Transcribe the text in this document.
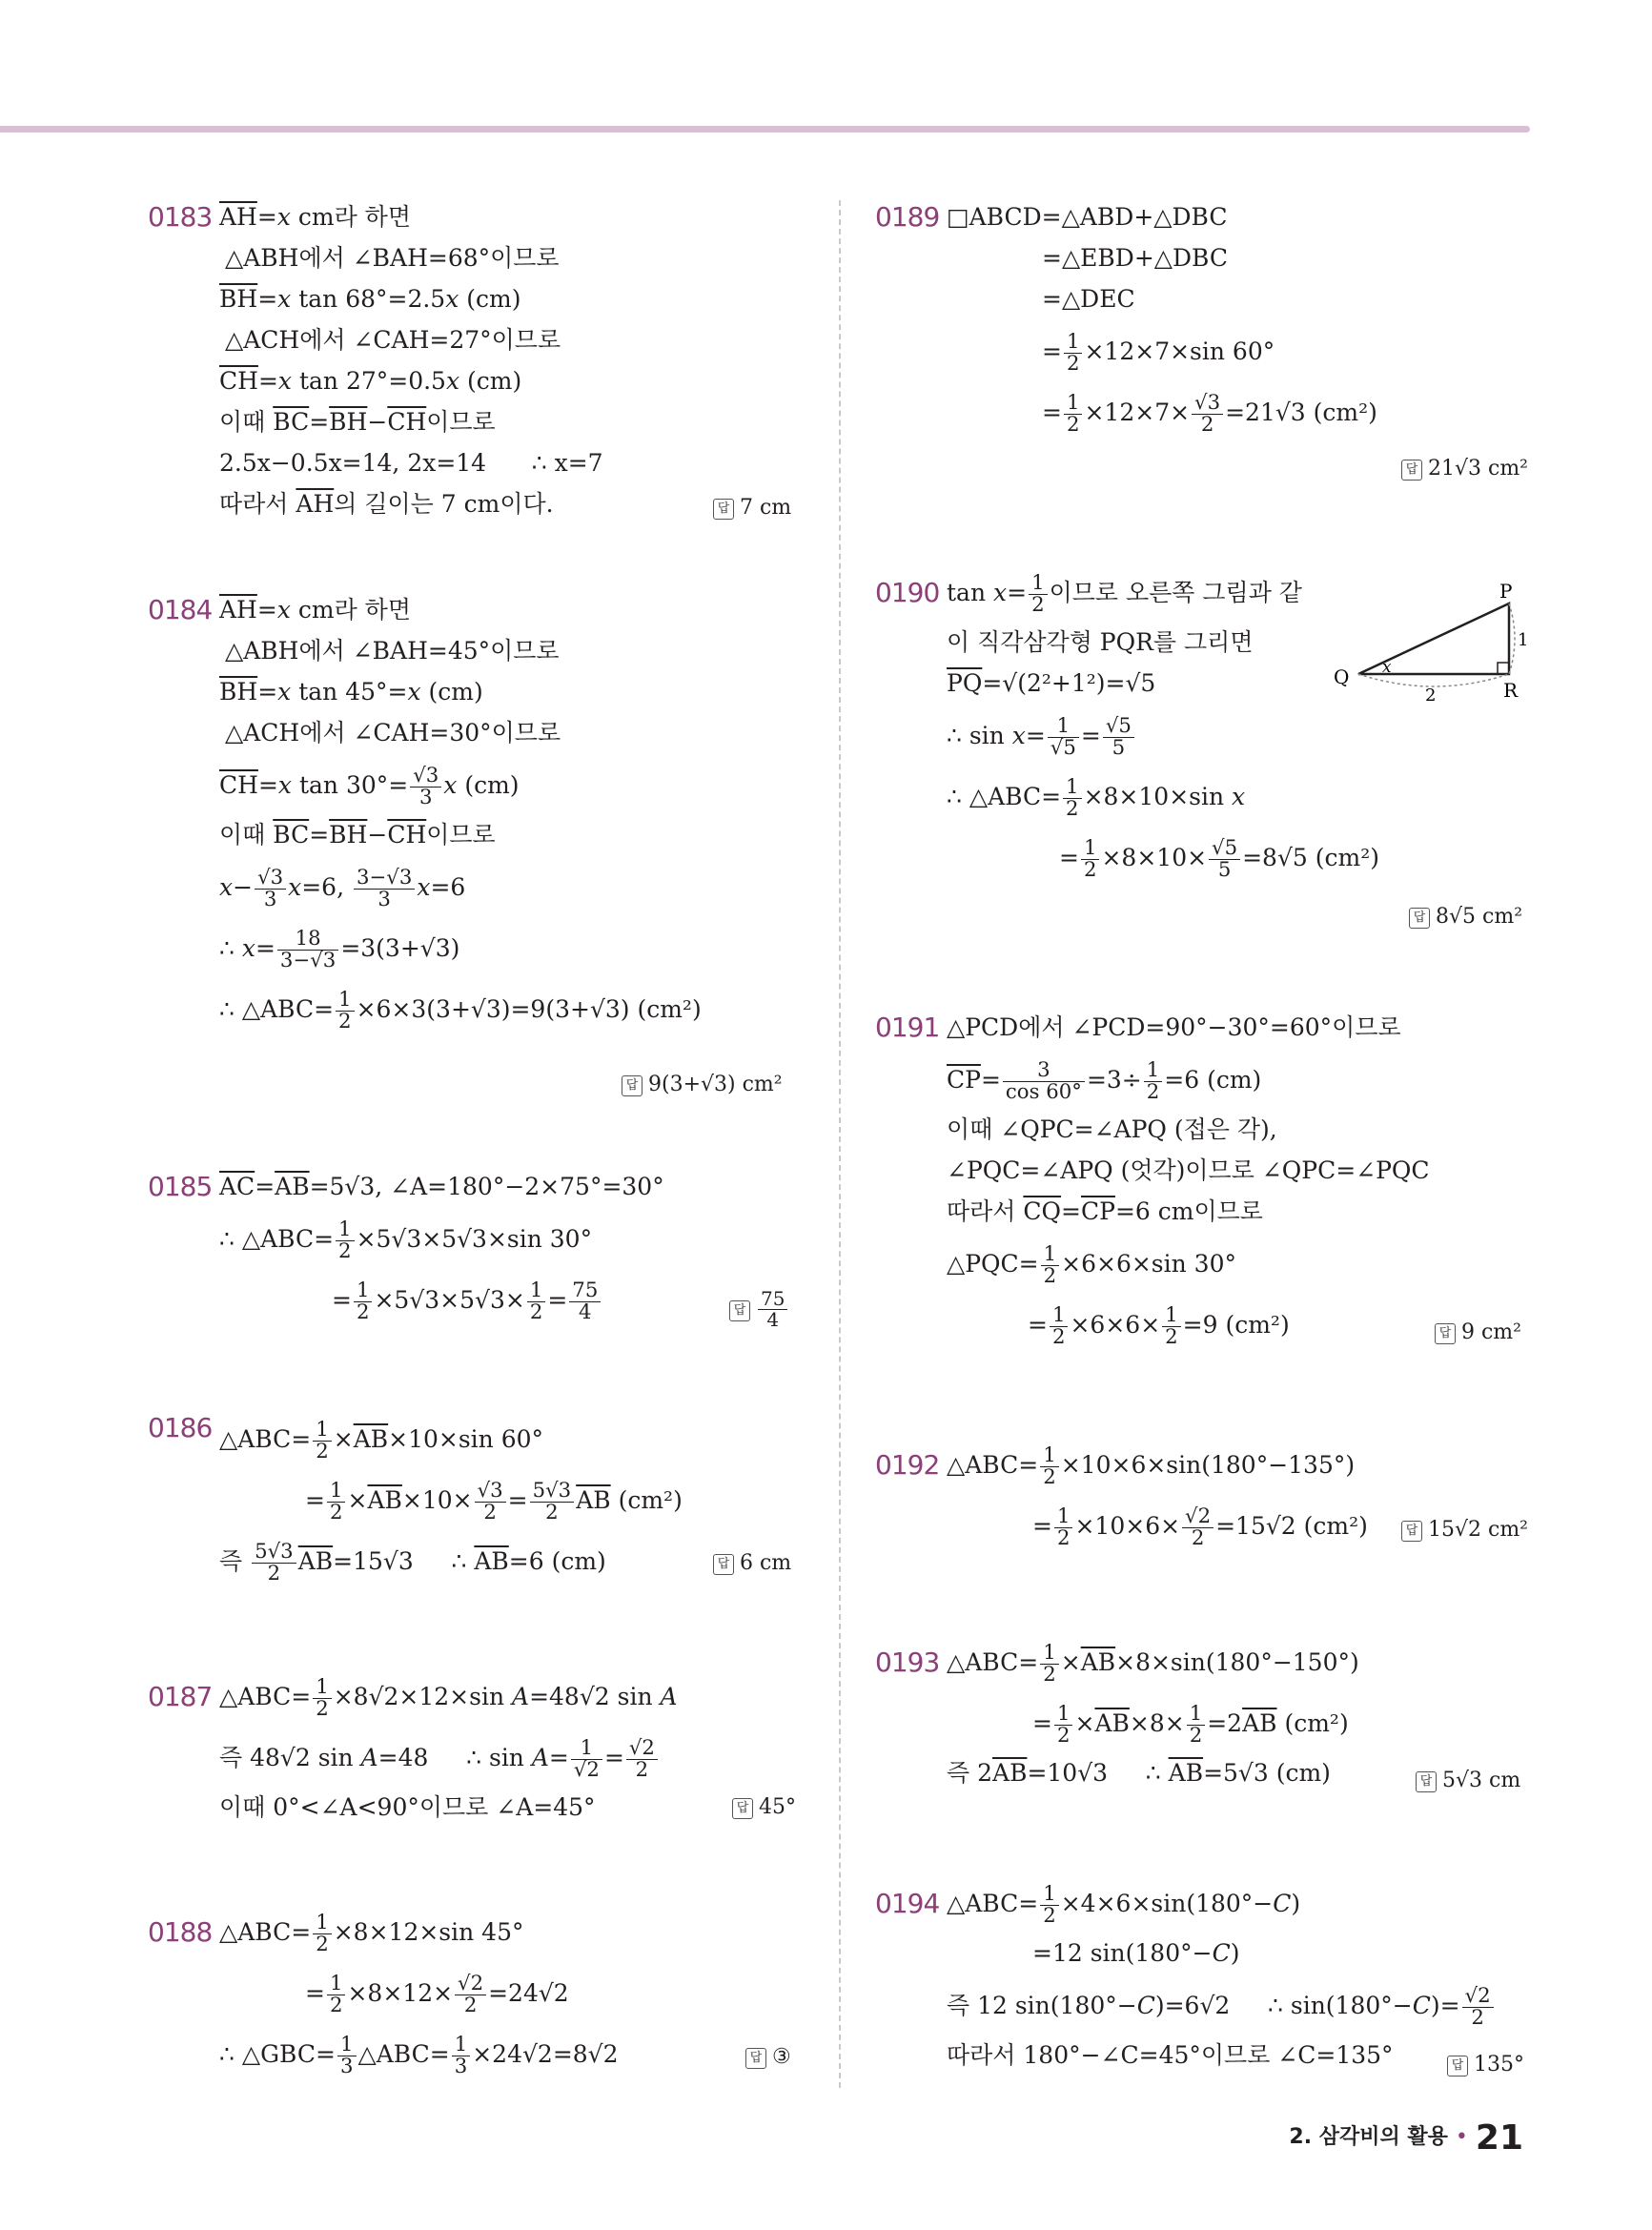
0183 $\overline{AH}=x$ cm라 하면
△ABH에서 ∠BAH=68°이므로
$\overline{BH}=x$ tan 68°=2.5x (cm)
△ACH에서 ∠CAH=27°이므로
$\overline{CH}=x$ tan 27°=0.5x (cm)
이때 $\overline{BC}=\overline{BH}-\overline{CH}$이므로
2.5x−0.5x=14, 2x=14      ∴ x=7
따라서 $\overline{AH}$의 길이는 7 cm이다.	답 7 cm
0184 $\overline{AH}=x$ cm라 하면
△ABH에서 ∠BAH=45°이므로
$\overline{BH}=x$ tan 45°=x (cm)
△ACH에서 ∠CAH=30°이므로
$\overline{CH}=x$ $\tan 30^\circ= \frac{√3}{3}$ x (cm)
이때 $\overline{BC}=\overline{BH}-\overline{CH}$이므로
$x- \frac{√3}{3} x=6$, $\frac{3-√3}{3} x=6$
∴ $x= \frac{18}{3-√3} =3(3+√3)$
∴ △ABC= $\frac{1}{2} \times 6\times 3(3+√3)=9(3+√3)$ (cm²)
답 9(3+√3) cm²
0185 $\overline{AC}=\overline{AB}=5√3$, ∠A=180°−2×75°=30°
∴ △ABC= $\frac{1}{2} \times 5√3\times 5√3\times\sin$ 30°
= $\frac{1}{2} \times 5√3\times 5√3\times \frac{1}{2} = \frac{75}{4}$	답 $\frac{75}{4}$
0186 △ABC= $\frac{1}{2} \times\overline{AB}\times 10\times\sin$ 60°
= $\frac{1}{2} \times\overline{AB}\times 10\times \frac{√3}{2} = \frac{5√3}{2} \overline{AB}$ (cm²)
즉 $\frac{5√3}{2} \overline{AB}=15√3$     ∴ $\overline{AB}=6$ (cm)	답 6 cm
0187 △ABC= $\frac{1}{2} \times 8√2\times 12\times\sin$ A=48√2 sin A
즉 48√2 sin A=48     ∴ $\sin A= \frac{1}{√2} = \frac{√2}{2}$
이때 0°<∠A<90°이므로 ∠A=45°	답 45°
0188 △ABC= $\frac{1}{2} \times 8\times 12\times\sin$ 45°
= $\frac{1}{2} \times 8\times 12\times \frac{√2}{2} =24√2$
∴ △GBC= $\frac{1}{3}$ △ABC= $\frac{1}{3} \times 24√2=8√2$	답 ③
0189 □ABCD=△ABD+△DBC
=△EBD+△DBC
=△DEC
= $\frac{1}{2} \times 12\times 7\times\sin$ 60°
= $\frac{1}{2} \times 12\times 7\times \frac{√3}{2} =21√3$ (cm²)
답 21√3 cm²
0190 $\tan x= \frac{1}{2}$ 이므로 오른쪽 그림과 같
이 직각삼각형 PQR를 그리면
$\overline{PQ}=√(2^2+1^2)=√5$
∴ $\sin x= \frac{1}{√5} = \frac{√5}{5}$
∴ △ABC= $\frac{1}{2} \times 8\times 10\times\sin$ x
= $\frac{1}{2} \times 8\times 10\times \frac{√5}{5} =8√5$ (cm²)
P
Q
R
x
1
2
답 8√5 cm²
0191 △PCD에서 ∠PCD=90°−30°=60°이므로
$\overline{CP}= \frac{3}{\cos 60^\circ} =3\div \frac{1}{2} =6$ (cm)
이때 ∠QPC=∠APQ (접은 각),
∠PQC=∠APQ (엇각)이므로 ∠QPC=∠PQC
따라서 $\overline{CQ}=\overline{CP}=6$ cm이므로
△PQC= $\frac{1}{2} \times 6\times 6\times\sin$ 30°
= $\frac{1}{2} \times 6\times 6\times \frac{1}{2} =9$ (cm²)	답 9 cm²
0192 △ABC= $\frac{1}{2} \times 10\times 6\times\sin(180^\circ-135^\circ)$
= $\frac{1}{2} \times 10\times 6\times \frac{√2}{2} =15√2$ (cm²)	답 15√2 cm²
0193 △ABC= $\frac{1}{2} \times\overline{AB}\times 8\times\sin(180^\circ-150^\circ)$
= $\frac{1}{2} \times\overline{AB}\times 8\times \frac{1}{2} =2\overline{AB}$ (cm²)
즉 $2\overline{AB}=10√3$     ∴ $\overline{AB}=5√3$ (cm)	답 5√3 cm
0194 △ABC= $\frac{1}{2} \times 4\times 6\times\sin(180^\circ-C)$
=12 sin(180°−C)
즉 12 sin(180°−C)=6√2     ∴ $\sin(180^\circ-C)= \frac{√2}{2}$
따라서 180°−∠C=45°이므로 ∠C=135°	답 135°
2. 삼각비의 활용 • 21
